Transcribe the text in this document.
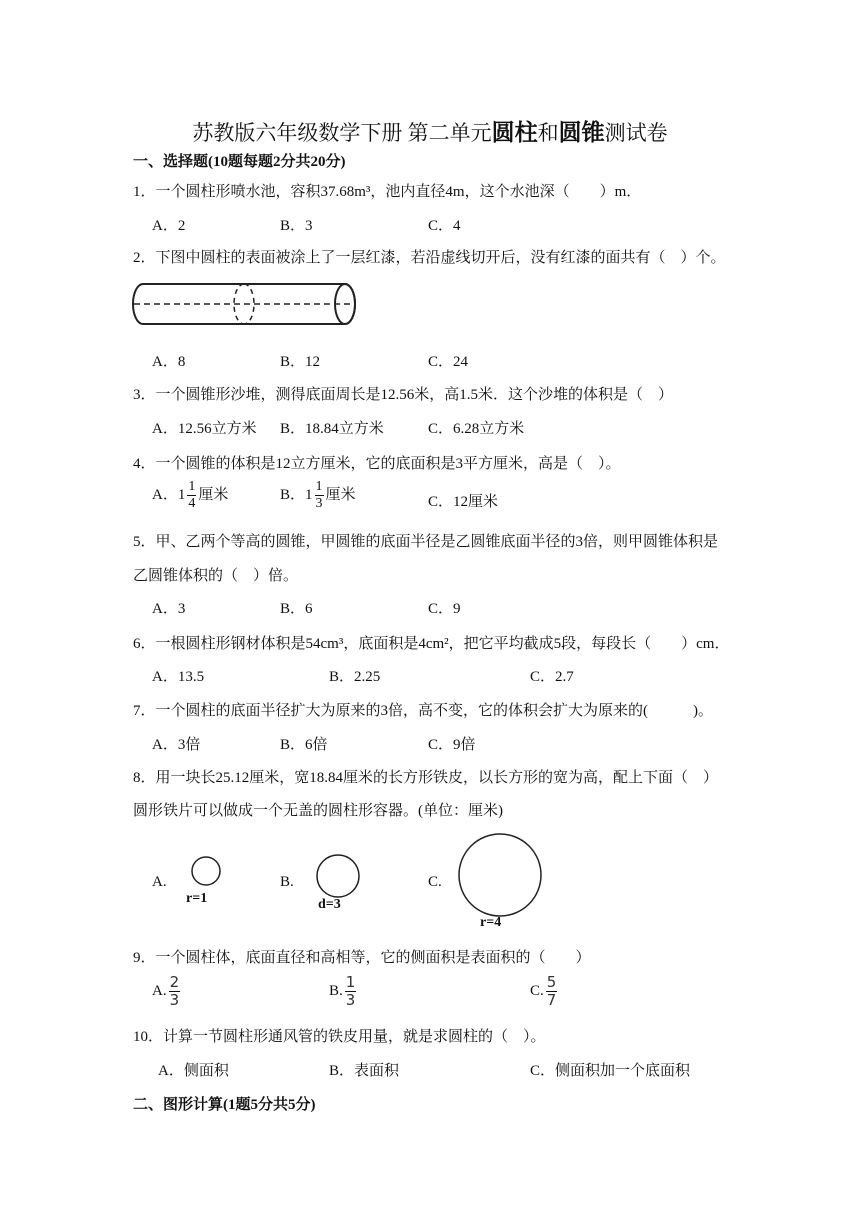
苏教版六年级数学下册 第二单元圆柱和圆锥测试卷
一、选择题(10题每题2分共20分)
1．一个圆柱形喷水池，容积37.68m³，池内直径4m，这个水池深（　　）m．
A．2	B．3	C．4
2．下图中圆柱的表面被涂上了一层红漆，若沿虚线切开后，没有红漆的面共有（　）个。
A．8	B．12	C．24
3．一个圆锥形沙堆，测得底面周长是12.56米，高1.5米．这个沙堆的体积是（　）
A．12.56立方米 B．18.84立方米	C．6.28立方米
4．一个圆锥的体积是12立方厘米，它的底面积是3平方厘米，高是（　）。
A．$1 \frac{1}{4}$ 厘米	B．$1 \frac{1}{3}$ 厘米	C．12厘米
5．甲、乙两个等高的圆锥，甲圆锥的底面半径是乙圆锥底面半径的3倍，则甲圆锥体积是
乙圆锥体积的（　）倍。
A．3	B．6	C．9
6．一根圆柱形钢材体积是54cm³，底面积是4cm²，把它平均截成5段，每段长（　　）cm．
A．13.5	B．2.25	C．2.7
7．一个圆柱的底面半径扩大为原来的3倍，高不变，它的体积会扩大为原来的(　　　)。
A．3倍	B．6倍	C．9倍
8．用一块长25.12厘米，宽18.84厘米的长方形铁皮，以长方形的宽为高，配上下面（　）
圆形铁片可以做成一个无盖的圆柱形容器。(单位：厘米)
A.
r=1
B.
d=3
C.
r=4
9．一个圆柱体，底面直径和高相等，它的侧面积是表面积的（　　）
A. $\frac{2}{3}$	B. $\frac{1}{3}$	C. $\frac{5}{7}$
10．计算一节圆柱形通风管的铁皮用量，就是求圆柱的（　）。
A．侧面积	B．表面积	C．侧面积加一个底面积
二、图形计算(1题5分共5分)
